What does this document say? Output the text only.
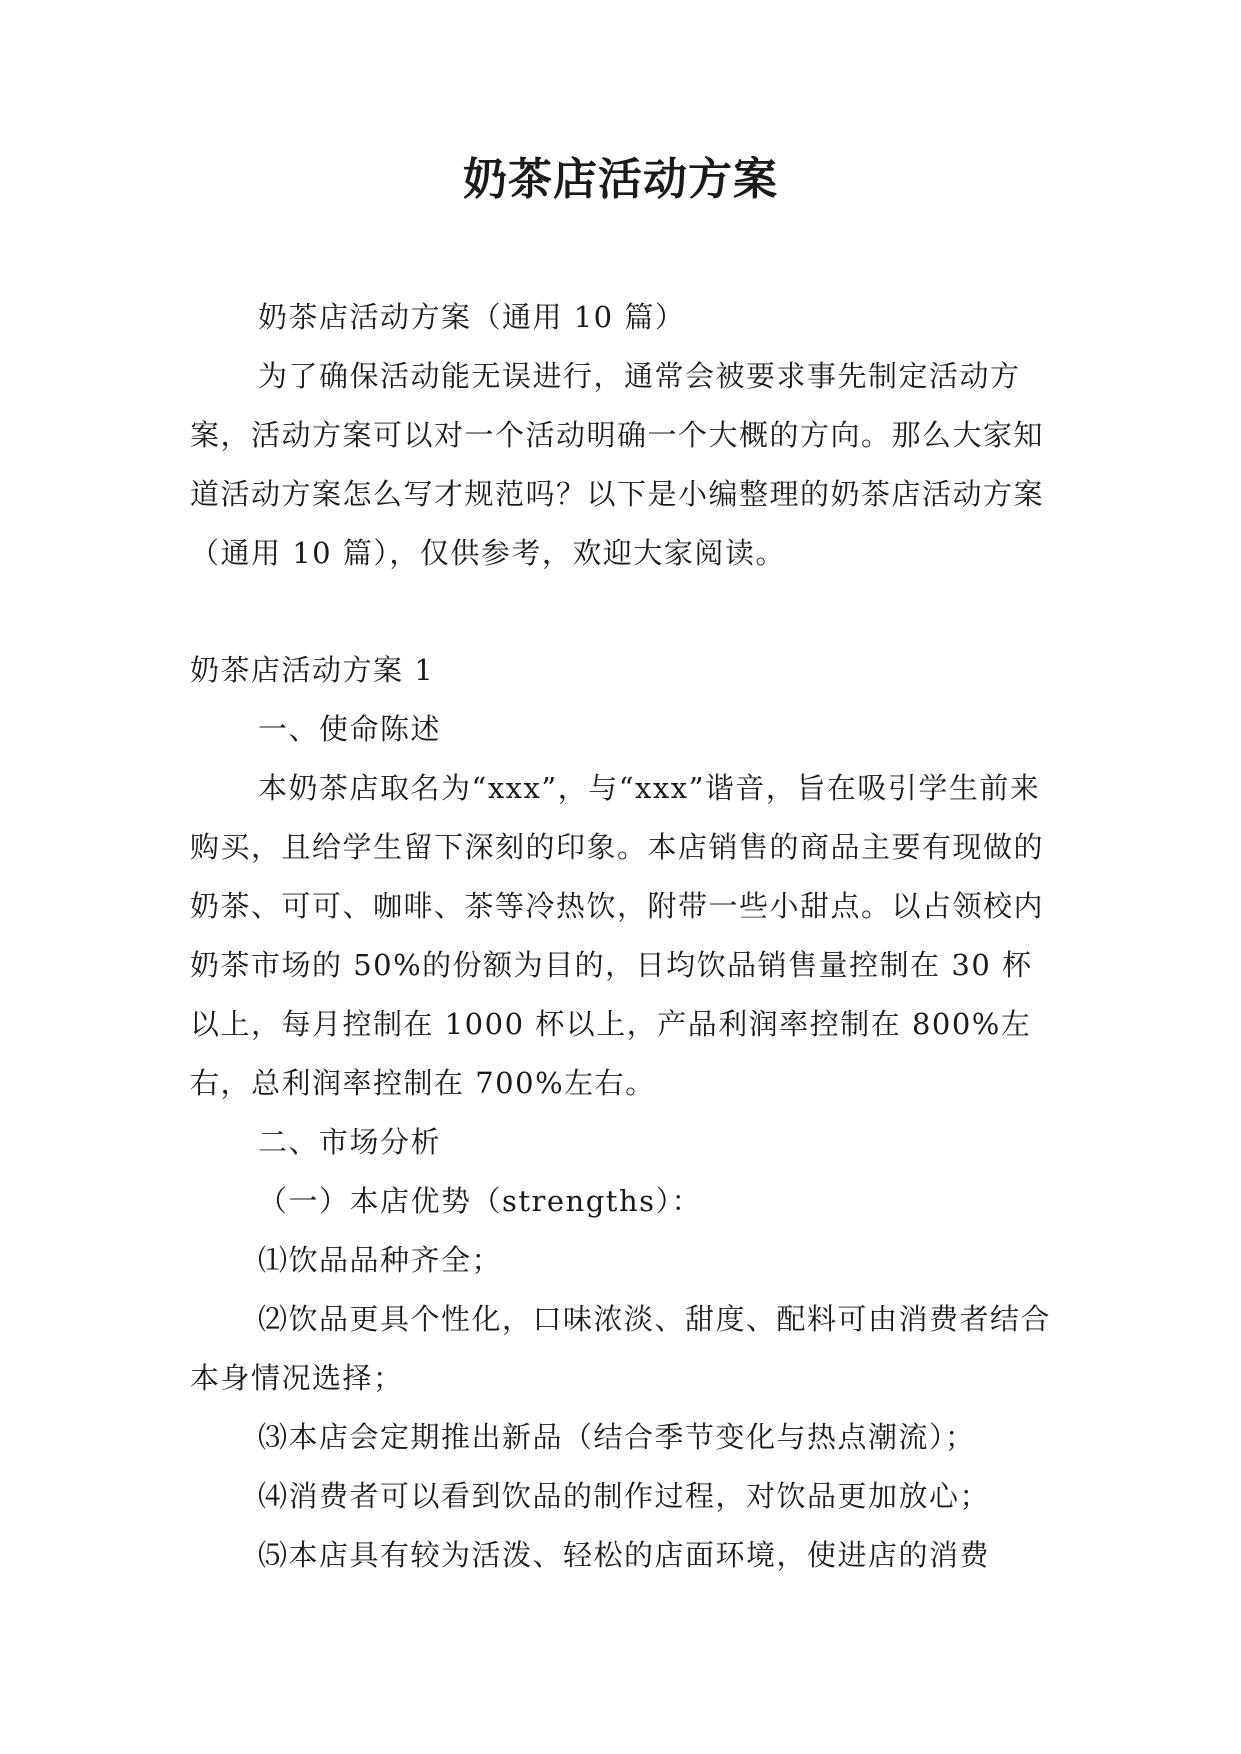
奶茶店活动方案

奶茶店活动方案（通用 10 篇）

为了确保活动能无误进行，通常会被要求事先制定活动方案，活动方案可以对一个活动明确一个大概的方向。那么大家知道活动方案怎么写才规范吗？以下是小编整理的奶茶店活动方案（通用 10 篇），仅供参考，欢迎大家阅读。

奶茶店活动方案 1

一、使命陈述

本奶茶店取名为“xxx”，与“xxx”谐音，旨在吸引学生前来购买，且给学生留下深刻的印象。本店销售的商品主要有现做的奶茶、可可、咖啡、茶等冷热饮，附带一些小甜点。以占领校内奶茶市场的 50%的份额为目的，日均饮品销售量控制在 30 杯以上，每月控制在 1000 杯以上，产品利润率控制在 800%左右，总利润率控制在 700%左右。

二、市场分析

（一）本店优势（strengths）：

⑴饮品品种齐全；

⑵饮品更具个性化，口味浓淡、甜度、配料可由消费者结合本身情况选择；

⑶本店会定期推出新品（结合季节变化与热点潮流）；

⑷消费者可以看到饮品的制作过程，对饮品更加放心；

⑸本店具有较为活泼、轻松的店面环境，使进店的消费
